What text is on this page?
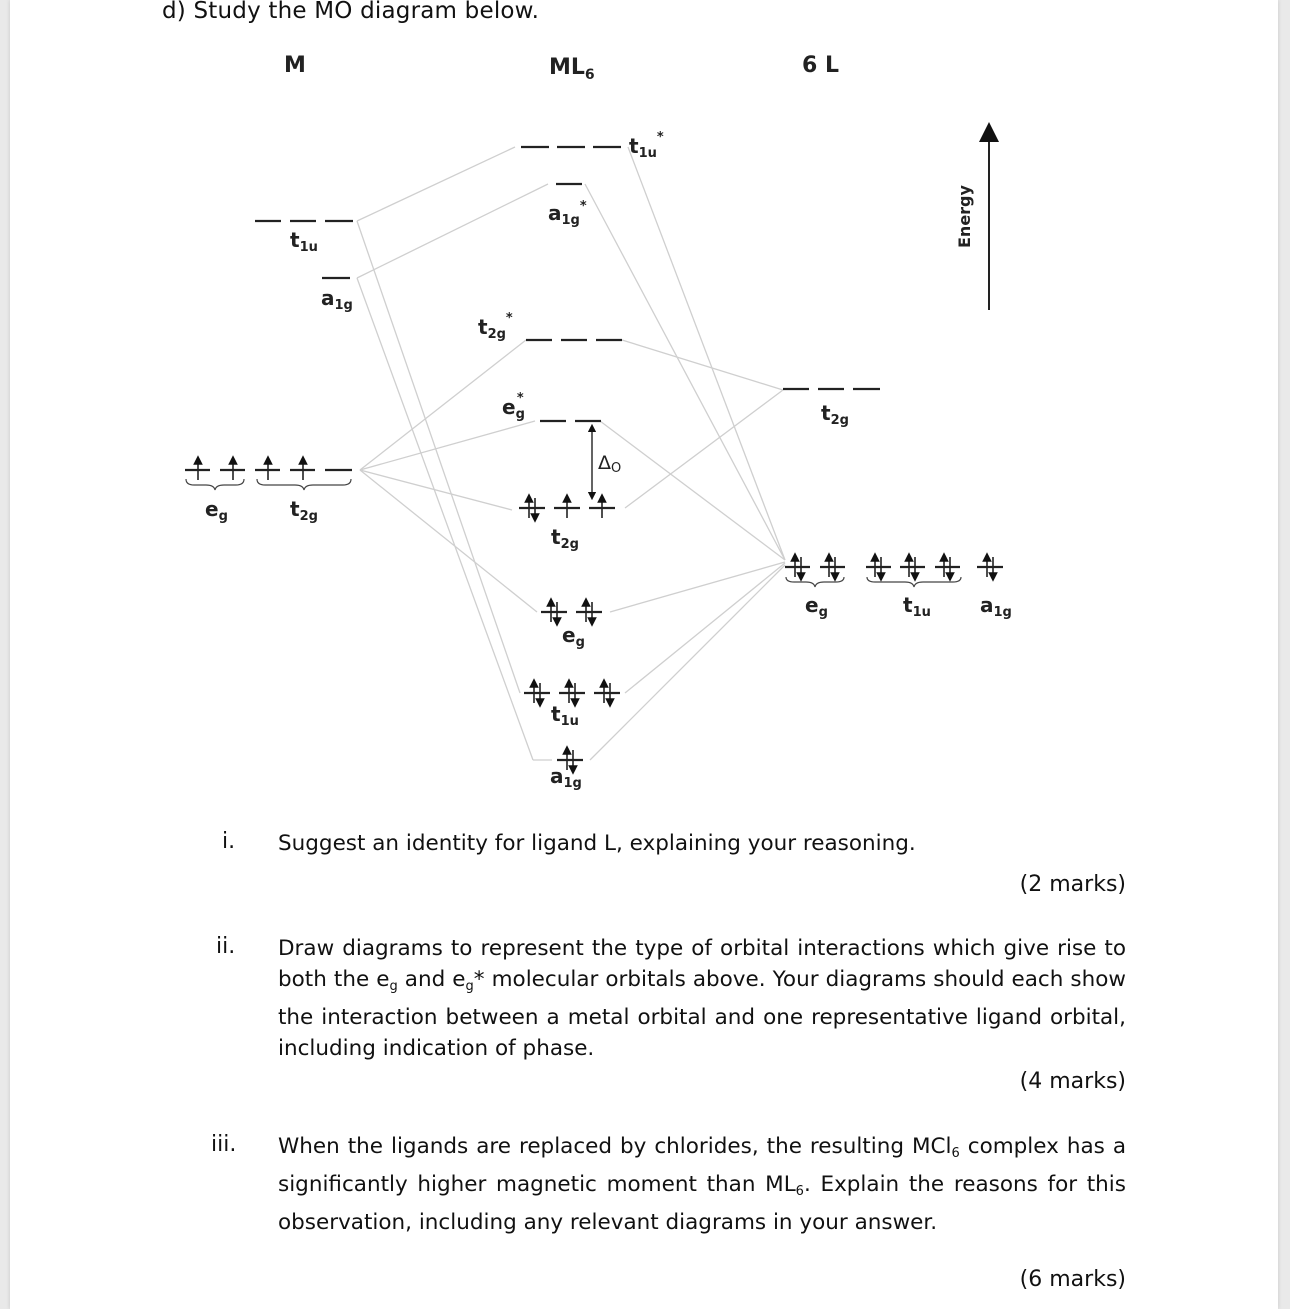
d) Study the MO diagram below.
M	$ML_6$	6 L
$t_{1u}$
$a_{1g}$
$e_g$	$t_{2g}$
ΔO
$t_{1u}^*$
$a_{1g}^*$
$t_{2g}^*$
$e_g*$
$t_{2g}$
$e_g$
$t_{1u}$
$a_{1g}$
$t_{2g}$
$e_g$	$t_{1u}$ $a_{1g}$
Energy
i. Suggest an identity for ligand L, explaining your reasoning.
(2 marks)
ii. Draw diagrams to represent the type of orbital interactions which give rise to both the $e_g$ and $e_g*$ molecular orbitals above. Your diagrams should each show the interaction between a metal orbital and one representative ligand orbital, including indication of phase.
(4 marks)
iii. When the ligands are replaced by chlorides, the resulting MCl$_6$ complex has a significantly higher magnetic moment than $ML_6$. Explain the reasons for this observation, including any relevant diagrams in your answer.
(6 marks)
